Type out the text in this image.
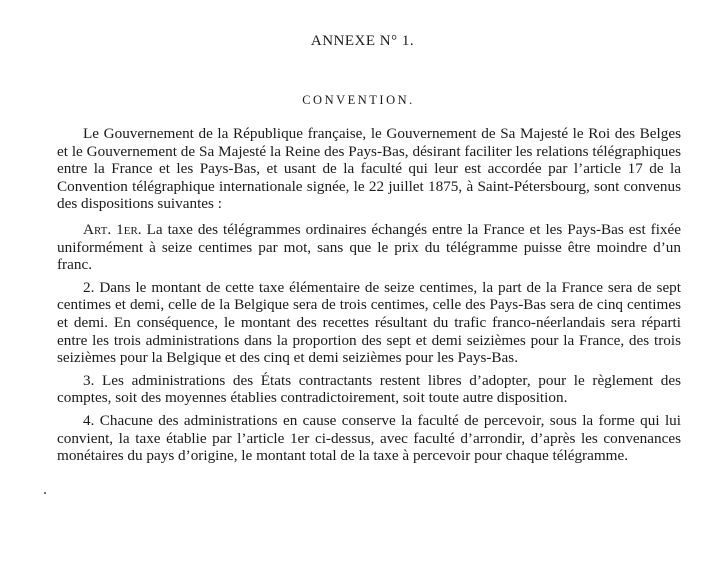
ANNEXE N° 1.
CONVENTION.

Le Gouvernement de la République française, le Gouvernement de Sa Majesté le Roi des Belges et le Gouvernement de Sa Majesté la Reine des Pays-Bas, désirant faciliter les relations télégraphiques entre la France et les Pays-Bas, et usant de la faculté qui leur est accordée par l’article 17 de la Convention télégraphique internationale signée, le 22 juillet 1875, à Saint-Pétersbourg, sont convenus des dispositions suivantes :

Art. 1er. La taxe des télégrammes ordinaires échangés entre la France et les Pays-Bas est fixée uniformément à seize centimes par mot, sans que le prix du télégramme puisse être moindre d’un franc.

2. Dans le montant de cette taxe élémentaire de seize centimes, la part de la France sera de sept centimes et demi, celle de la Belgique sera de trois centimes, celle des Pays-Bas sera de cinq centimes et demi. En conséquence, le montant des recettes résultant du trafic franco-néerlandais sera réparti entre les trois administrations dans la proportion des sept et demi seizièmes pour la France, des trois seizièmes pour la Belgique et des cinq et demi seizièmes pour les Pays-Bas.

3. Les administrations des États contractants restent libres d’adopter, pour le règlement des comptes, soit des moyennes établies contradictoirement, soit toute autre disposition.

4. Chacune des administrations en cause conserve la faculté de percevoir, sous la forme qui lui convient, la taxe établie par l’article 1er ci-dessus, avec faculté d’arrondir, d’après les convenances monétaires du pays d’origine, le montant total de la taxe à percevoir pour chaque télégramme.
